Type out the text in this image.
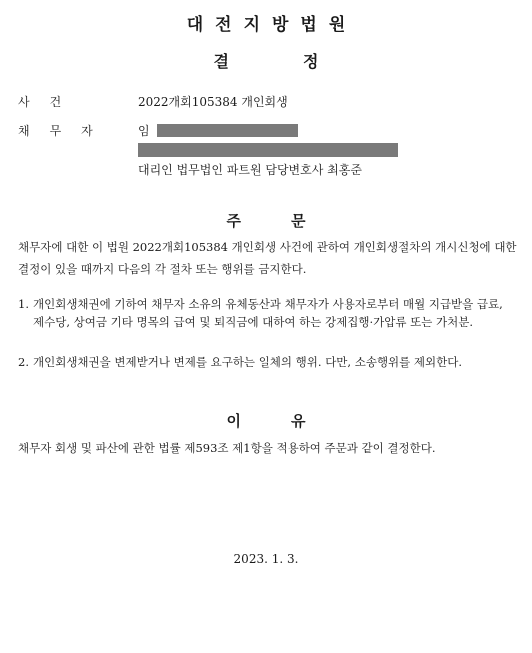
대전지방법원
결	정
사건	2022개회105384 개인회생
채무자 임
대리인 법무법인 파트원 담당변호사 최홍준
주	문
채무자에 대한 이 법원 2022개회105384 개인회생 사건에 관하여 개인회생절차의 개시신청에 대한 결정이 있을 때까지 다음의 각 절차 또는 행위를 금지한다.
1. 개인회생채권에 기하여 채무자 소유의 유체동산과 채무자가 사용자로부터 매월 지급받을 급료, 제수당, 상여금 기타 명목의 급여 및 퇴직금에 대하여 하는 강제집행·가압류 또는 가처분.
2. 개인회생채권을 변제받거나 변제를 요구하는 일체의 행위. 다만, 소송행위를 제외한다.
이	유
채무자 회생 및 파산에 관한 법률 제593조 제1항을 적용하여 주문과 같이 결정한다.
2023. 1. 3.
